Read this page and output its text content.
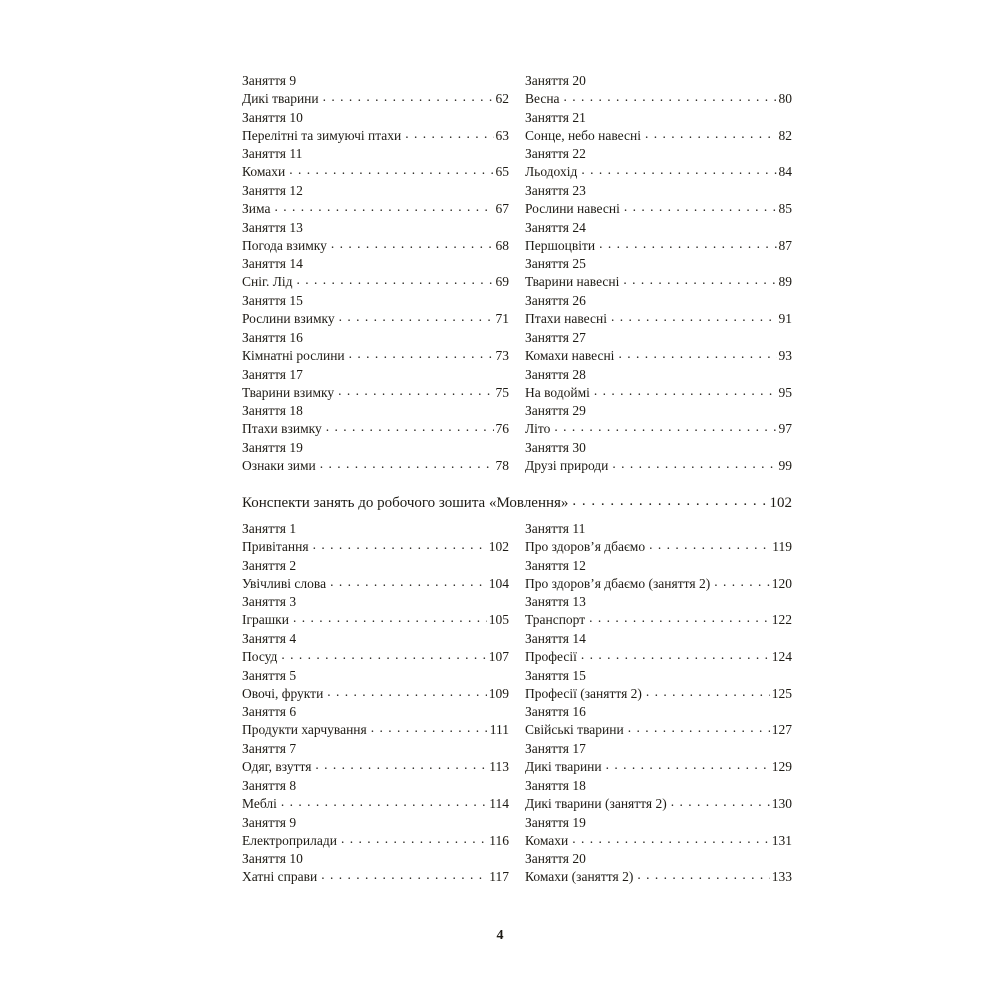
Заняття 9
Дикі тварини . . .	62
Заняття 10
Перелітні та зимуючі птахи . . .	63
Заняття 11
Комахи . . .	65
Заняття 12
Зима . . .	67
Заняття 13
Погода взимку . . .	68
Заняття 14
Сніг. Лід . . .	69
Заняття 15
Рослини взимку . . .	71
Заняття 16
Кімнатні рослини . . .	73
Заняття 17
Тварини взимку . . .	75
Заняття 18
Птахи взимку . . .	76
Заняття 19
Ознаки зими . . .	78
Заняття 20
Весна . . .	80
Заняття 21
Сонце, небо навесні . . .	82
Заняття 22
Льодохід . . .	84
Заняття 23
Рослини навесні . . .	85
Заняття 24
Першоцвіти . . .	87
Заняття 25
Тварини навесні . . .	89
Заняття 26
Птахи навесні . . .	91
Заняття 27
Комахи навесні . . .	93
Заняття 28
На водоймі . . .	95
Заняття 29
Літо . . .	97
Заняття 30
Друзі природи . . .	99
Конспекти занять до робочого зошита «Мовлення» . . .	102
Заняття 1
Привітання . . .	102
Заняття 2
Увічливі слова . . .	104
Заняття 3
Іграшки . . .	105
Заняття 4
Посуд . . .	107
Заняття 5
Овочі, фрукти . . .	109
Заняття 6
Продукти харчування . . .	111
Заняття 7
Одяг, взуття . . .	113
Заняття 8
Меблі . . .	114
Заняття 9
Електроприлади . . .	116
Заняття 10
Хатні справи . . .	117
Заняття 11
Про здоров’я дбаємо . . .	119
Заняття 12
Про здоров’я дбаємо (заняття 2) . . .	120
Заняття 13
Транспорт . . .	122
Заняття 14
Професії . . .	124
Заняття 15
Професії (заняття 2) . . .	125
Заняття 16
Свійські тварини . . .	127
Заняття 17
Дикі тварини . . .	129
Заняття 18
Дикі тварини (заняття 2) . . .	130
Заняття 19
Комахи . . .	131
Заняття 20
Комахи (заняття 2) . . .	133
4
